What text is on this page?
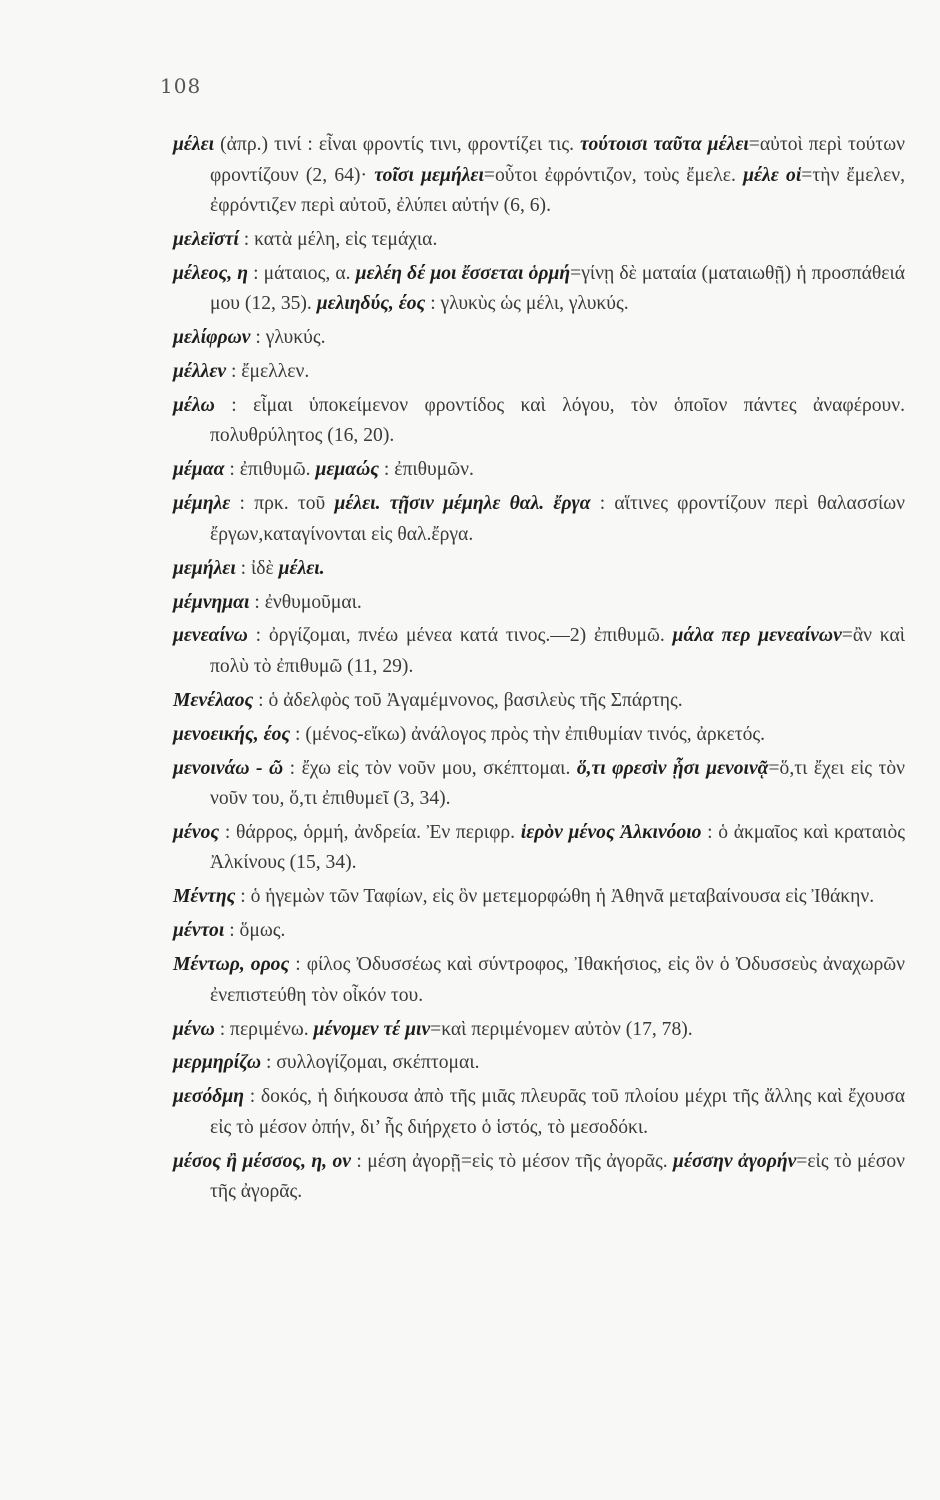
108
μέλει (ἀπρ.) τινί : εἶναι φροντίς τινι, φροντίζει τις. τούτοισι ταῦτα μέλει=αὐτοὶ περὶ τούτων φροντίζουν (2, 64)· τοῖσι μεμήλει=οὗτοι ἐφρόντιζον, τοὺς ἔμελε. μέλε οἱ=τὴν ἔμελεν, ἐφρόντιζεν περὶ αὐτοῦ, ἐλύπει αὐτήν (6, 6).
μελεϊστί : κατὰ μέλη, εἰς τεμάχια.
μέλεος, η : μάταιος, α. μελέη δέ μοι ἔσσεται ὁρμή=γίνῃ δὲ ματαία (ματαιωθῇ) ἡ προσπάθειά μου (12, 35). μελιηδύς, έος : γλυκὺς ὡς μέλι, γλυκύς.
μελίφρων : γλυκύς.
μέλλεν : ἔμελλεν.
μέλω : εἶμαι ὑποκείμενον φροντίδος καὶ λόγου, τὸν ὁποῖον πάντες ἀναφέρουν. πολυθρύλητος (16, 20).
μέμαα : ἐπιθυμῶ. μεμαώς : ἐπιθυμῶν.
μέμηλε : πρκ. τοῦ μέλει. τῇσιν μέμηλε θαλ. ἔργα : αἵτινες φροντίζουν περὶ θαλασσίων ἔργων,καταγίνονται εἰς θαλ.ἔργα.
μεμήλει : ἰδὲ μέλει.
μέμνημαι : ἐνθυμοῦμαι.
μενεαίνω : ὀργίζομαι, πνέω μένεα κατά τινος.—2) ἐπιθυμῶ. μάλα περ μενεαίνων=ἂν καὶ πολὺ τὸ ἐπιθυμῶ (11, 29).
Μενέλαος : ὁ ἀδελφὸς τοῦ Ἀγαμέμνονος, βασιλεὺς τῆς Σπάρτης.
μενοεικής, έος : (μένος-εἴκω) ἀνάλογος πρὸς τὴν ἐπιθυμίαν τινός, ἀρκετός.
μενοινάω - ῶ : ἔχω εἰς τὸν νοῦν μου, σκέπτομαι. ὅ,τι φρεσὶν ᾗσι μενοινᾷ=ὅ,τι ἔχει εἰς τὸν νοῦν του, ὅ,τι ἐπιθυμεῖ (3, 34).
μένος : θάρρος, ὁρμή, ἀνδρεία. Ἐν περιφρ. ἱερὸν μένος Ἀλκινόοιο : ὁ ἀκμαῖος καὶ κραταιὸς Ἀλκίνους (15, 34).
Μέντης : ὁ ἡγεμὼν τῶν Ταφίων, εἰς ὃν μετεμορφώθη ἡ Ἀθηνᾶ μεταβαίνουσα εἰς Ἰθάκην.
μέντοι : ὅμως.
Μέντωρ, ορος : φίλος Ὀδυσσέως καὶ σύντροφος, Ἰθακήσιος, εἰς ὃν ὁ Ὀδυσσεὺς ἀναχωρῶν ἐνεπιστεύθη τὸν οἶκόν του.
μένω : περιμένω. μένομεν τέ μιν=καὶ περιμένομεν αὐτὸν (17, 78).
μερμηρίζω : συλλογίζομαι, σκέπτομαι.
μεσόδμη : δοκός, ἡ διήκουσα ἀπὸ τῆς μιᾶς πλευρᾶς τοῦ πλοίου μέχρι τῆς ἄλλης καὶ ἔχουσα εἰς τὸ μέσον ὀπήν, δι’ ἧς διήρχετο ὁ ἱστός, τὸ μεσοδόκι.
μέσος ἢ μέσσος, η, ον : μέση ἀγορῇ=εἰς τὸ μέσον τῆς ἀγορᾶς. μέσσην ἀγορήν=εἰς τὸ μέσον τῆς ἀγορᾶς.
